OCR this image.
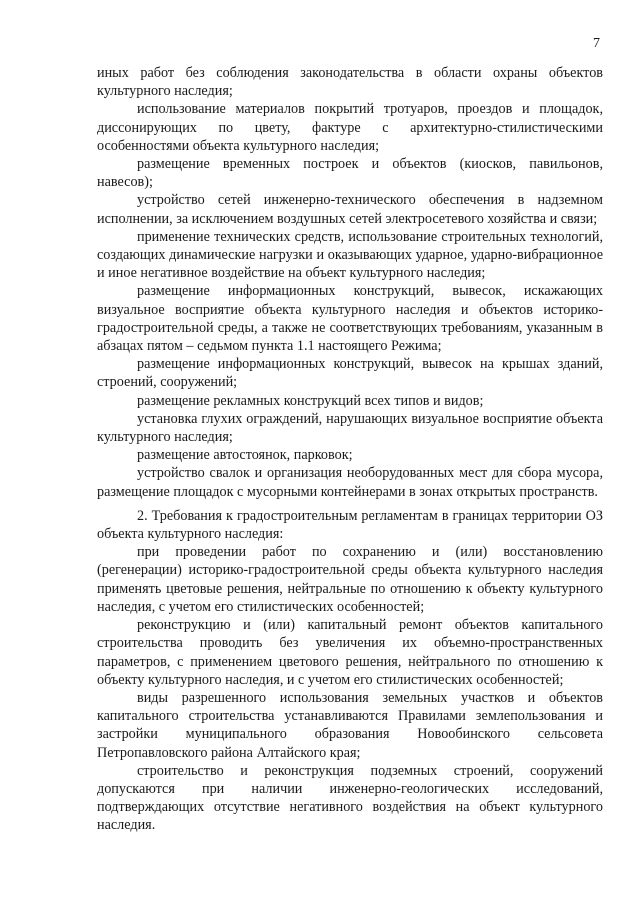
7

иных работ без соблюдения законодательства в области охраны объектов культурного наследия;

использование материалов покрытий тротуаров, проездов и площадок, диссонирующих по цвету, фактуре с архитектурно-стилистическими особенностями объекта культурного наследия;

размещение временных построек и объектов (киосков, павильонов, навесов);

устройство сетей инженерно-технического обеспечения в надземном исполнении, за исключением воздушных сетей электросетевого хозяйства и связи;

применение технических средств, использование строительных технологий, создающих динамические нагрузки и оказывающих ударное, ударно-вибрационное и иное негативное воздействие на объект культурного наследия;

размещение информационных конструкций, вывесок, искажающих визуальное восприятие объекта культурного наследия и объектов историко-градостроительной среды, а также не соответствующих требованиям, указанным в абзацах пятом – седьмом пункта 1.1 настоящего Режима;

размещение информационных конструкций, вывесок на крышах зданий, строений, сооружений;

размещение рекламных конструкций всех типов и видов;

установка глухих ограждений, нарушающих визуальное восприятие объекта культурного наследия;

размещение автостоянок, парковок;

устройство свалок и организация необорудованных мест для сбора мусора, размещение площадок с мусорными контейнерами в зонах открытых пространств.

2. Требования к градостроительным регламентам в границах территории ОЗ объекта культурного наследия:

при проведении работ по сохранению и (или) восстановлению (регенерации) историко-градостроительной среды объекта культурного наследия применять цветовые решения, нейтральные по отношению к объекту культурного наследия, с учетом его стилистических особенностей;

реконструкцию и (или) капитальный ремонт объектов капитального строительства проводить без увеличения их объемно-пространственных параметров, с применением цветового решения, нейтрального по отношению к объекту культурного наследия, и с учетом его стилистических особенностей;

виды разрешенного использования земельных участков и объектов капитального строительства устанавливаются Правилами землепользования и застройки муниципального образования Новообинского сельсовета Петропавловского района Алтайского края;

строительство и реконструкция подземных строений, сооружений допускаются при наличии инженерно-геологических исследований, подтверждающих отсутствие негативного воздействия на объект культурного наследия.
